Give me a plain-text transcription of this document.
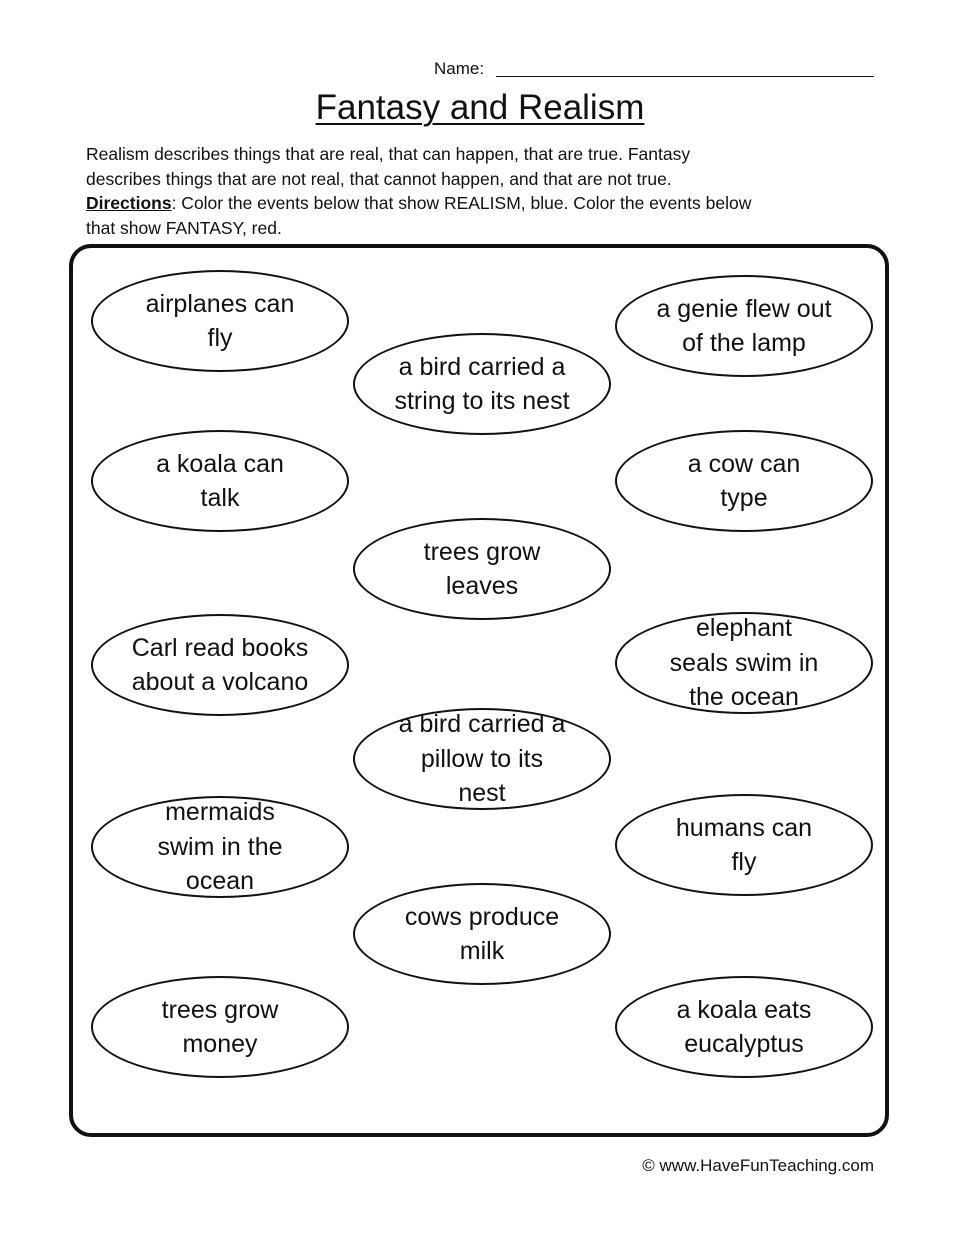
Name:
Fantasy and Realism

Realism describes things that are real, that can happen, that are true. Fantasy

describes things that are not real, that cannot happen, and that are not true.

Directions: Color the events below that show REALISM, blue. Color the events below

that show FANTASY, red.

airplanes can
fly
a koala can
talk
Carl read books
about a volcano
mermaids
swim in the
ocean
trees grow
money
a bird carried a
string to its nest
trees grow
leaves
a bird carried a
pillow to its
nest
cows produce
milk
a genie flew out
of the lamp
a cow can
type
elephant
seals swim in
the ocean
humans can
fly
a koala eats
eucalyptus
© www.HaveFunTeaching.com
